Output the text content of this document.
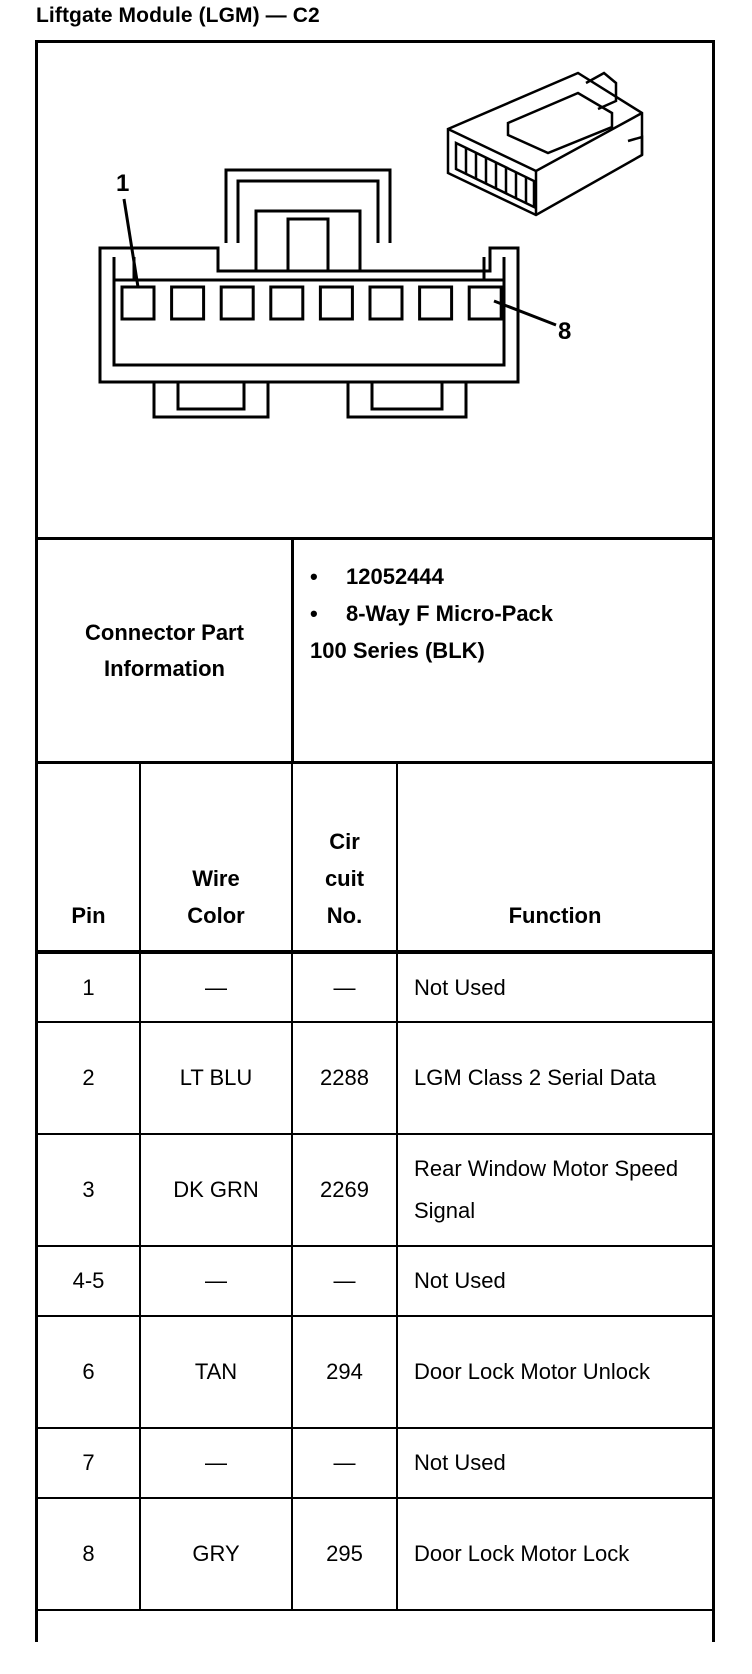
Liftgate Module (LGM) — C2
1
8
Connector Part Information
•	12052444
•	8-Way F Micro-Pack
100 Series (BLK)
Pin	Wire Color	Cir cuit No.	Function
1	—	—	Not Used
2	LT BLU	2288	LGM Class 2 Serial Data
3	DK GRN	2269	Rear Window Motor Speed Signal
4-5	—	—	Not Used
6	TAN	294	Door Lock Motor Unlock
7	—	—	Not Used
8	GRY	295	Door Lock Motor Lock
